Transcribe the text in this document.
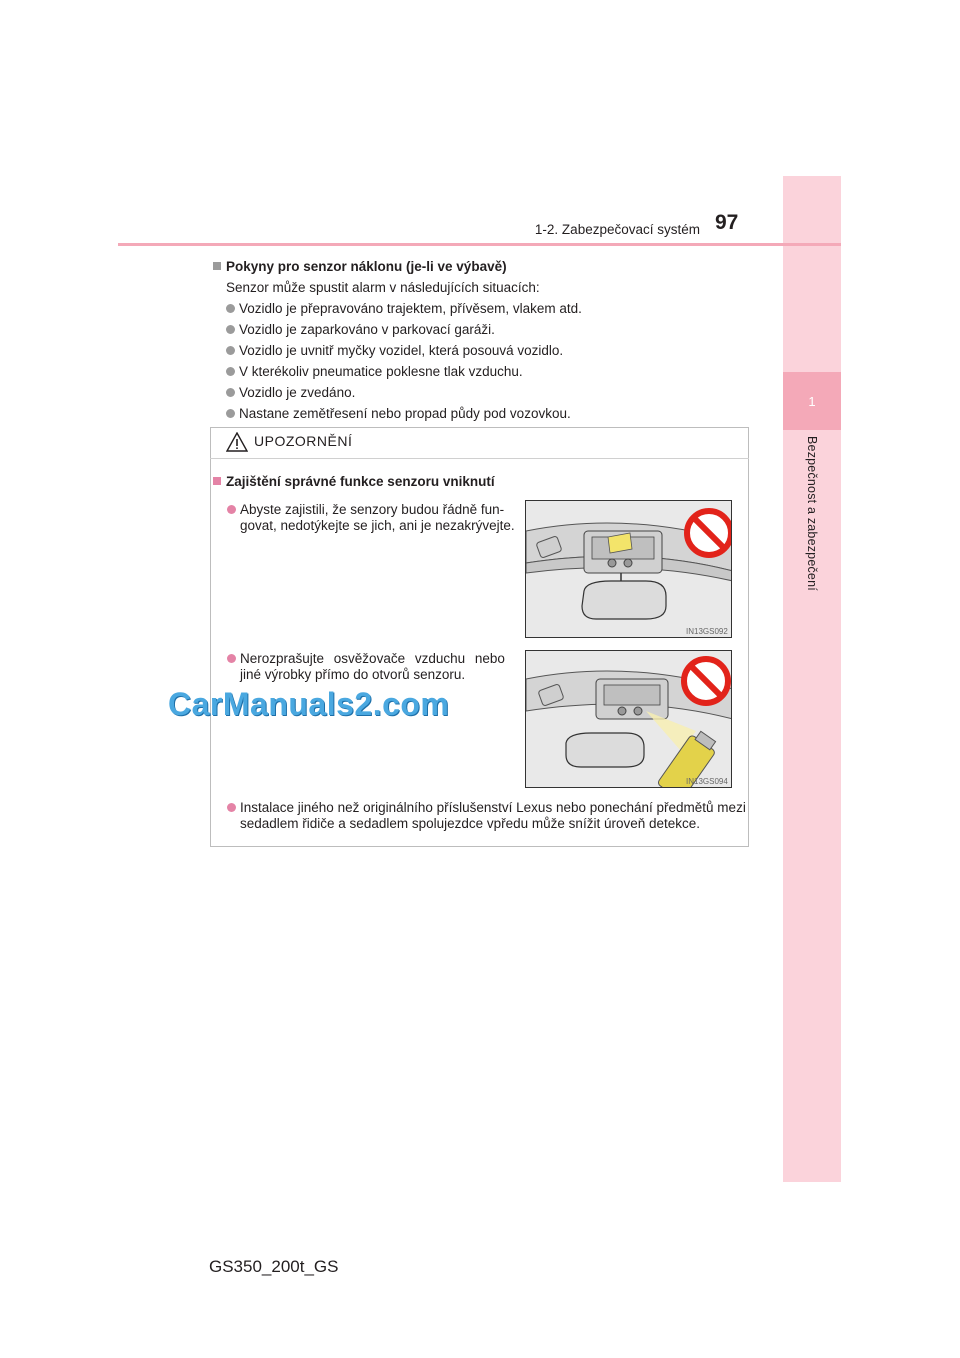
1
Bezpečnost a zabezpečení
1-2. Zabezpečovací systém 97
Pokyny pro senzor náklonu (je-li ve výbavě)
Senzor může spustit alarm v následujících situacích:
Vozidlo je přepravováno trajektem, přívěsem, vlakem atd.
Vozidlo je zaparkováno v parkovací garáži.
Vozidlo je uvnitř myčky vozidel, která posouvá vozidlo.
V kterékoliv pneumatice poklesne tlak vzduchu.
Vozidlo je zvedáno.
Nastane zemětřesení nebo propad půdy pod vozovkou.
UPOZORNĚNÍ
Zajištění správné funkce senzoru vniknutí
Abyste zajistili, že senzory budou řádně fun-
govat, nedotýkejte se jich, ani je nezakrývejte.
IN13GS092
Nerozprašujte osvěžovače vzduchu nebo
jiné výrobky přímo do otvorů senzoru.
IN13GS094
Instalace jiného než originálního příslušenství Lexus nebo ponechání předmětů mezi
sedadlem řidiče a sedadlem spolujezdce vpředu může snížit úroveň detekce.
CarManuals2.com
GS350_200t_GS
